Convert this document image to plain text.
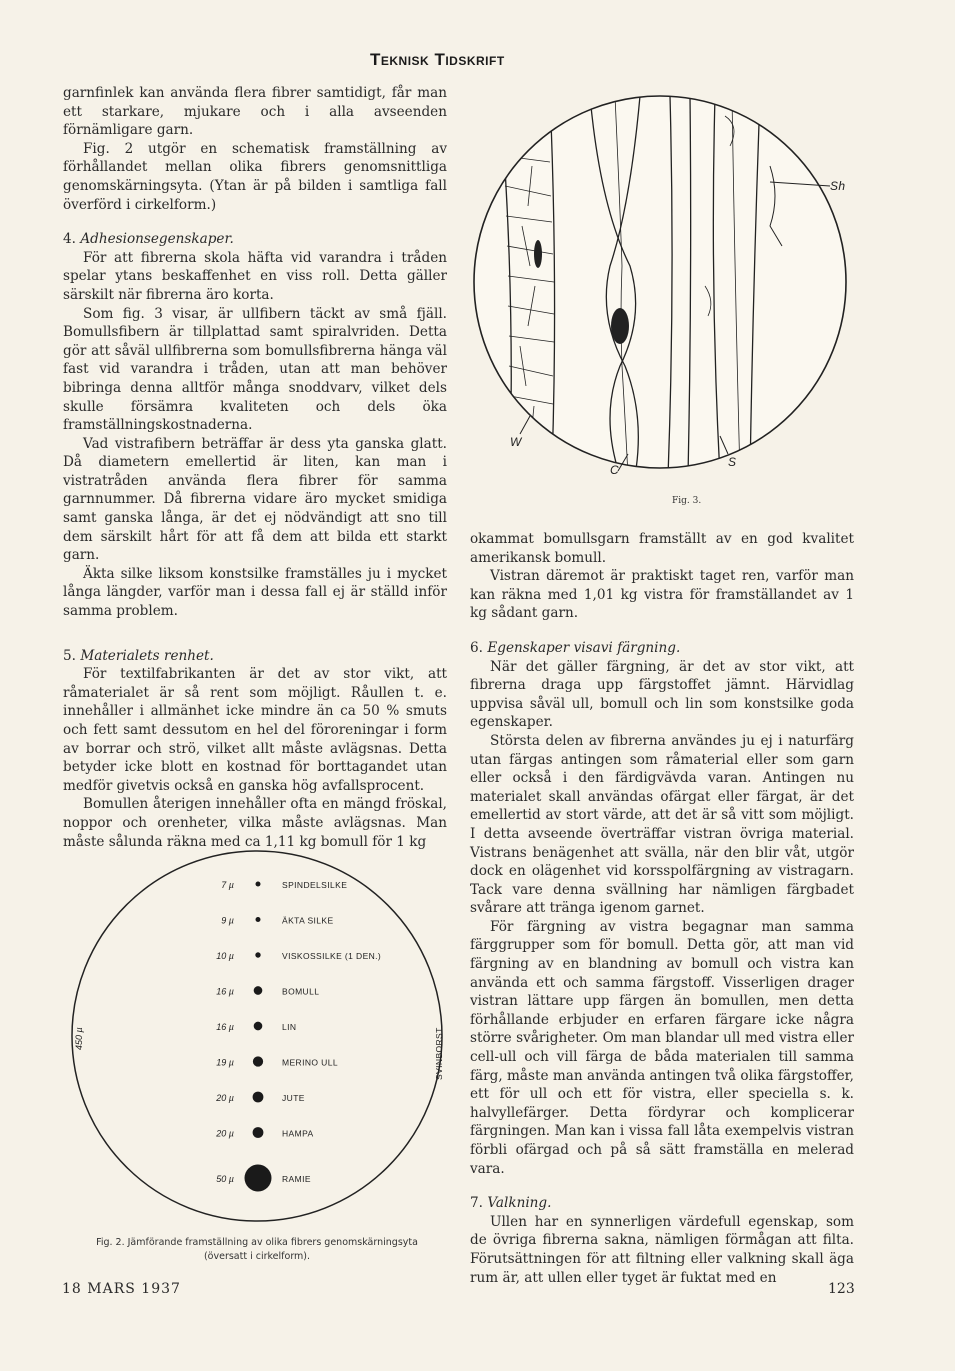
Teknisk Tidskrift

garnfinlek kan använda flera fibrer samtidigt, får man ett starkare, mjukare och i alla avseenden förnämligare garn.

Fig. 2 utgör en schematisk framställning av förhållandet mellan olika fibrers genomsnittliga genomskärningsyta. (Ytan är på bilden i samtliga fall överförd i cirkelform.)

4. Adhesionsegenskaper.

För att fibrerna skola häfta vid varandra i tråden spelar ytans beskaffenhet en viss roll. Detta gäller särskilt när fibrerna äro korta.

Som fig. 3 visar, är ullfibern täckt av små fjäll. Bomullsfibern är tillplattad samt spiralvriden. Detta gör att såväl ullfibrerna som bomullsfibrerna hänga väl fast vid varandra i tråden, utan att man behöver bibringa denna alltför många snoddvarv, vilket dels skulle försämra kvaliteten och dels öka framställningskostnaderna.

Vad vistrafibern beträffar är dess yta ganska glatt. Då diametern emellertid är liten, kan man i vistratråden använda flera fibrer för samma garnnummer. Då fibrerna vidare äro mycket smidiga samt ganska långa, är det ej nödvändigt att sno till dem särskilt hårt för att få dem att bilda ett starkt garn.

Äkta silke liksom konstsilke framställes ju i mycket långa längder, varför man i dessa fall ej är ställd inför samma problem.

5. Materialets renhet.

För textilfabrikanten är det av stor vikt, att råmaterialet är så rent som möjligt. Råullen t. e. innehåller i allmänhet icke mindre än ca 50 % smuts och fett samt dessutom en hel del föroreningar i form av borrar och strö, vilket allt måste avlägsnas. Detta betyder icke blott en kostnad för borttagandet utan medför givetvis också en ganska hög avfallsprocent.

Bomullen återigen innehåller ofta en mängd fröskal, noppor och orenheter, vilka måste avlägsnas. Man måste sålunda räkna med ca 1,11 kg bomull för 1 kg

Sh
W
C
S
Fig. 3.

okammat bomullsgarn framställt av en god kvalitet amerikansk bomull.

Vistran däremot är praktiskt taget ren, varför man kan räkna med 1,01 kg vistra för framställandet av 1 kg sådant garn.

6. Egenskaper visavi färgning.

När det gäller färgning, är det av stor vikt, att fibrerna draga upp färgstoffet jämnt. Härvidlag uppvisa såväl ull, bomull och lin som konstsilke goda egenskaper.

Största delen av fibrerna användes ju ej i naturfärg utan färgas antingen som råmaterial eller som garn eller också i den färdigvävda varan. Antingen nu materialet skall användas ofärgat eller färgat, är det emellertid av stort värde, att det är så vitt som möjligt. I detta avseende överträffar vistran övriga material. Vistrans benägenhet att svälla, när den blir våt, utgör dock en olägenhet vid korsspolfärgning av vistragarn. Tack vare denna svällning har nämligen färgbadet svårare att tränga igenom garnet.

För färgning av vistra begagnar man samma färggrupper som för bomull. Detta gör, att man vid färgning av en blandning av bomull och vistra kan använda ett och samma färgstoff. Visserligen drager vistran lättare upp färgen än bomullen, men detta förhållande erbjuder en erfaren färgare icke några större svårigheter. Om man blandar ull med vistra eller cell-ull och vill färga de båda materialen till samma färg, måste man använda antingen två olika färgstoffer, ett för ull och ett för vistra, eller speciella s. k. halvyllefärger. Detta fördyrar och komplicerar färgningen. Man kan i vissa fall låta exempelvis vistran förbli ofärgad och på så sätt framställa en melerad vara.

7. Valkning.

Ullen har en synnerligen värdefull egenskap, som de övriga fibrerna sakna, nämligen förmågan att filta. Förutsättningen för att filtning eller valkning skall äga rum är, att ullen eller tyget är fuktat med en

450 µ	SVINBORST
7 µ	SPINDELSILKE
9 µ	ÄKTA SILKE
10 µ	VISKOSSILKE (1 DEN.)
16 µ	BOMULL
16 µ	LIN
19 µ	MERINO ULL
20 µ	JUTE
20 µ	HAMPA
50 µ	RAMIE
Fig. 2. Jämförande framställning av olika fibrers genomskärningsyta
(översatt i cirkelform).
18 MARS 1937	123
